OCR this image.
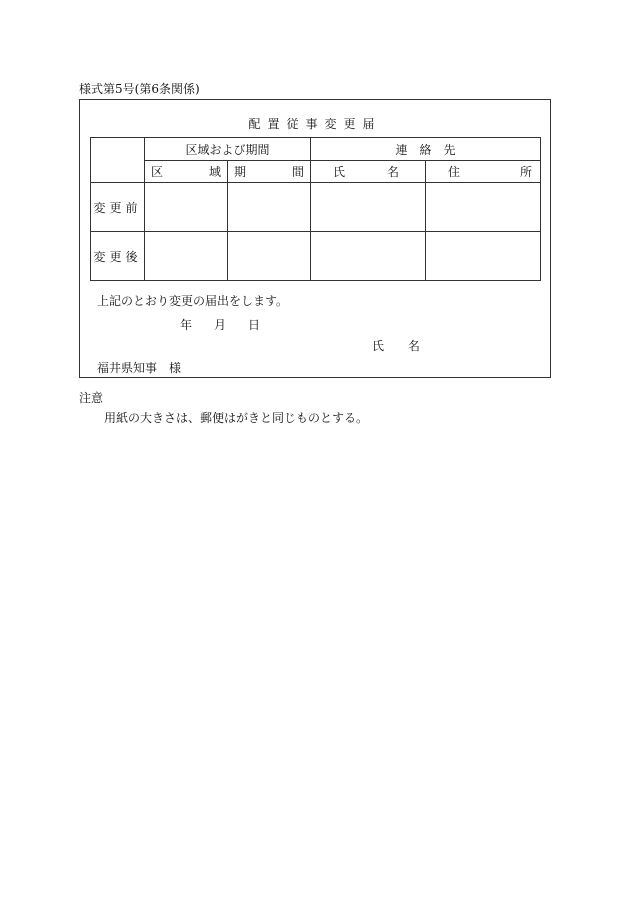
様式第5号(第6条関係)
配置従事変更届
	区域および期間		連　絡　先	

	区 域	期 間	氏 名	住 所

変更前				
変更後				
上記のとおり変更の届出をします。
年 月 日
氏 名
福井県知事 様
注意
用紙の大きさは、郵便はがきと同じものとする。
